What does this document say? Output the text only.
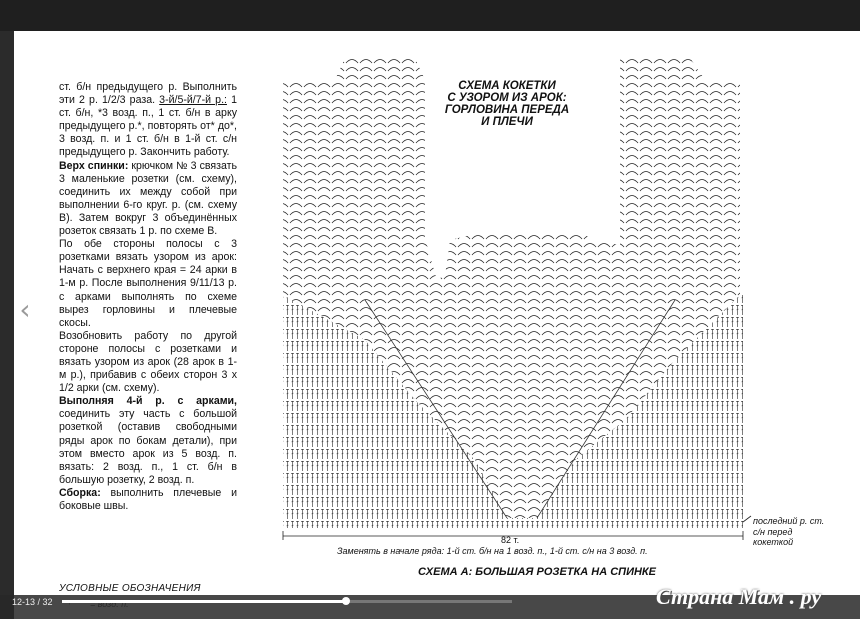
‹

ст. б/н предыдущего р. Выполнить эти 2 р. 1/2/3 раза. 3-й/5-й/7-й р.: 1 ст. б/н, *3 возд. п., 1 ст. б/н в арку предыдущего р.*, повторять от* до*, 3 возд. п. и 1 ст. б/н в 1-й ст. с/н предыдущего р. Закончить работу.

Верх спинки: крючком № 3 связать 3 маленькие розетки (см. схему), соединить их между собой при выполнении 6-го круг. р. (см. схему В). Затем вокруг 3 объединённых розеток связать 1 р. по схеме В.

По обе стороны полосы с 3 розетками вязать узором из арок: Начать с верхнего края = 24 арки в 1-м р. После выполнения 9/11/13 р. с арками выполнять по схеме вырез горловины и плечевые скосы.

Возобновить работу по другой стороне полосы с розетками и вязать узором из арок (28 арок в 1-м р.), прибавив с обеих сторон 3 х 1/2 арки (см. схему).

Выполняя 4-й р. с арками, соединить эту часть с большой розеткой (оставив свободными ряды арок по бокам детали), при этом вместо арок из 5 возд. п. вязать: 2 возд. п., 1 ст. б/н в большую розетку, 2 возд. п.

Сборка: выполнить плечевые и боковые швы.

УСЛОВНЫЕ ОБОЗНАЧЕНИЯ
СХЕМА КОКЕТКИ
С УЗОРОМ ИЗ АРОК:
ГОРЛОВИНА ПЕРЕДА
И ПЛЕЧИ
82 т.
последний р. ст. с/н перед кокеткой
Заменять в начале ряда: 1-й ст. б/н на 1 возд. п., 1-й ст. с/н на 3 возд. п.
СХЕМА А: БОЛЬШАЯ РОЗЕТКА НА СПИНКЕ
12-13 / 32	Страна Мам . ру
